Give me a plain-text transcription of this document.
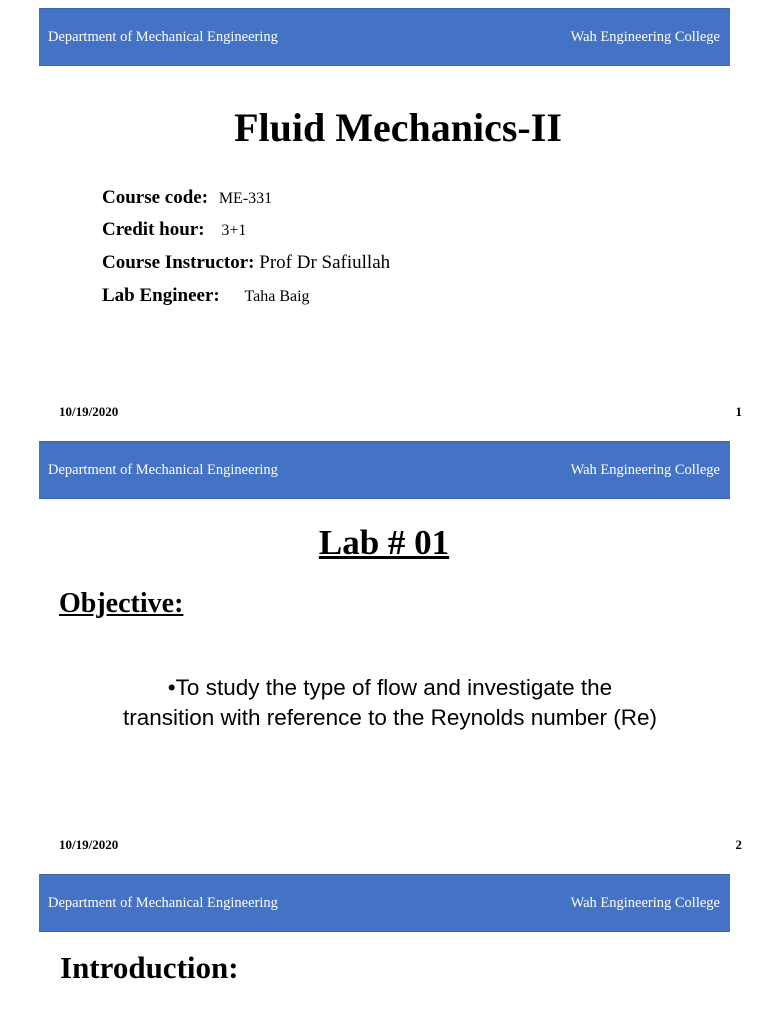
Department of Mechanical Engineering	Wah Engineering College
Fluid Mechanics-II
Course code: ME-331
Credit hour: 3+1
Course Instructor: Prof Dr Safiullah
Lab Engineer: Taha Baig
10/19/2020	1
Department of Mechanical Engineering	Wah Engineering College
Lab # 01
Objective:
•To study the type of flow and investigate the
transition with reference to the Reynolds number (Re)
10/19/2020	2
Department of Mechanical Engineering	Wah Engineering College
Introduction:
